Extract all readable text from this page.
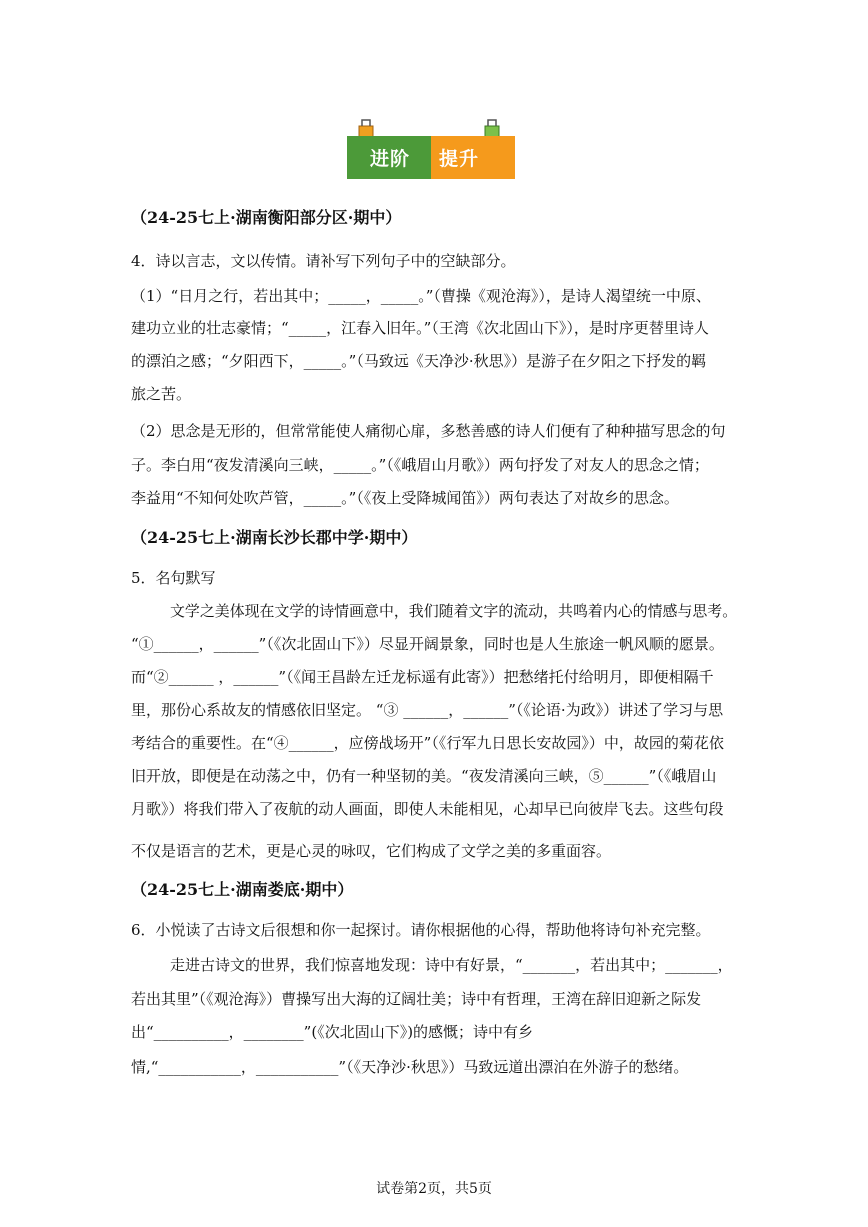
进阶 提升
（24-25七上·湖南衡阳部分区·期中）
4．诗以言志，文以传情。请补写下列句子中的空缺部分。
（1）“日月之行，若出其中；_____，_____。”（曹操《观沧海》），是诗人渴望统一中原、
建功立业的壮志豪情；“_____，江春入旧年。”（王湾《次北固山下》），是时序更替里诗人
的漂泊之感；“夕阳西下，_____。”（马致远《天净沙·秋思》）是游子在夕阳之下抒发的羁
旅之苦。
（2）思念是无形的，但常常能使人痛彻心扉，多愁善感的诗人们便有了种种描写思念的句
子。李白用“夜发清溪向三峡，_____。”（《峨眉山月歌》）两句抒发了对友人的思念之情；
李益用“不知何处吹芦管，_____。”（《夜上受降城闻笛》）两句表达了对故乡的思念。
（24-25七上·湖南长沙长郡中学·期中）
5．名句默写
文学之美体现在文学的诗情画意中，我们随着文字的流动，共鸣着内心的情感与思考。
“①______，______”（《次北固山下》）尽显开阔景象，同时也是人生旅途一帆风顺的愿景。
而“②______ ，______”（《闻王昌龄左迁龙标遥有此寄》）把愁绪托付给明月，即便相隔千
里，那份心系故友的情感依旧坚定。 “③ ______，______”（《论语·为政》）讲述了学习与思
考结合的重要性。在“④______，应傍战场开”（《行军九日思长安故园》）中，故园的菊花依
旧开放，即便是在动荡之中，仍有一种坚韧的美。“夜发清溪向三峡，⑤______”（《峨眉山
月歌》）将我们带入了夜航的动人画面，即使人未能相见，心却早已向彼岸飞去。这些句段
不仅是语言的艺术，更是心灵的咏叹，它们构成了文学之美的多重面容。
（24-25七上·湖南娄底·期中）
6．小悦读了古诗文后很想和你一起探讨。请你根据他的心得，帮助他将诗句补充完整。
走进古诗文的世界，我们惊喜地发现：诗中有好景，“_______，若出其中；_______，
若出其里”（《观沧海》）曹操写出大海的辽阔壮美；诗中有哲理，王湾在辞旧迎新之际发
出“__________，________”(《次北固山下》)的感慨；诗中有乡
情,“___________，___________”（《天净沙·秋思》）马致远道出漂泊在外游子的愁绪。
试卷第2页，共5页
